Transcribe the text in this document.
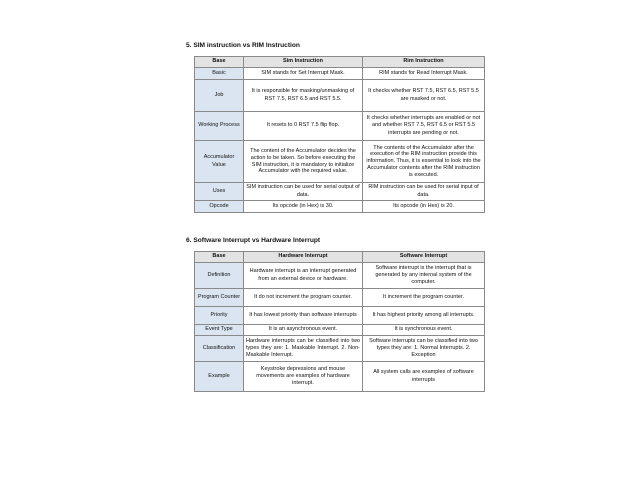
5. SIM instruction vs RIM Instruction
Base	Sim Instruction	Rim Instruction
Basic	SIM stands for Set Interrupt Mask.	RIM stands for Read Interrupt Mask.
Job	It is responsible for masking/unmasking of RST 7.5, RST 6.5 and RST 5.5.	It checks whether RST 7.5, RST 6.5, RST 5.5 are masked or not.
Working Process	It resets to 0 RST 7.5 flip flop.	It checks whether interrupts are enabled or not and whether RST 7.5, RST 6.5 or RST 5.5 interrupts are pending or not.
Accumulator Value	The content of the Accumulator decides the action to be taken. So before executing the SIM instruction, it is mandatory to initialize Accumulator with the required value.	The contents of the Accumulator after the execution of the RIM instruction provide this information. Thus, it is essential to look into the Accumulator contents after the RIM instruction is executed.
Uses	SIM instruction can be used for serial output of data.	RIM instruction can be used for serial input of data.
Opcode	Its opcode (in Hex) is 30.	Its opcode (in Hex) is 20.
6. Software Interrupt vs Hardware Interrupt
Base	Hardware Interrupt	Software Interrupt
Definition	Hardware interrupt is an interrupt generated from an external device or hardware.	Software interrupt is the interrupt that is generated by any internal system of the computer.
Program Counter	It do not increment the program counter.	It increment the program counter.
Priority	It has lowest priority than software interrupts	It has highest priority among all interrupts.
Event Type	It is an asynchronous event.	It is synchronous event.
Classification	Hardware interrupts can be classified into two types they are: 1. Maskable Interrupt. 2. Non-Maskable Interrupt.	Software interrupts can be classified into two types they are: 1. Normal Interrupts. 2. Exception
Example	Keystroke depressions and mouse movements are examples of hardware interrupt.	All system calls are examples of software interrupts
